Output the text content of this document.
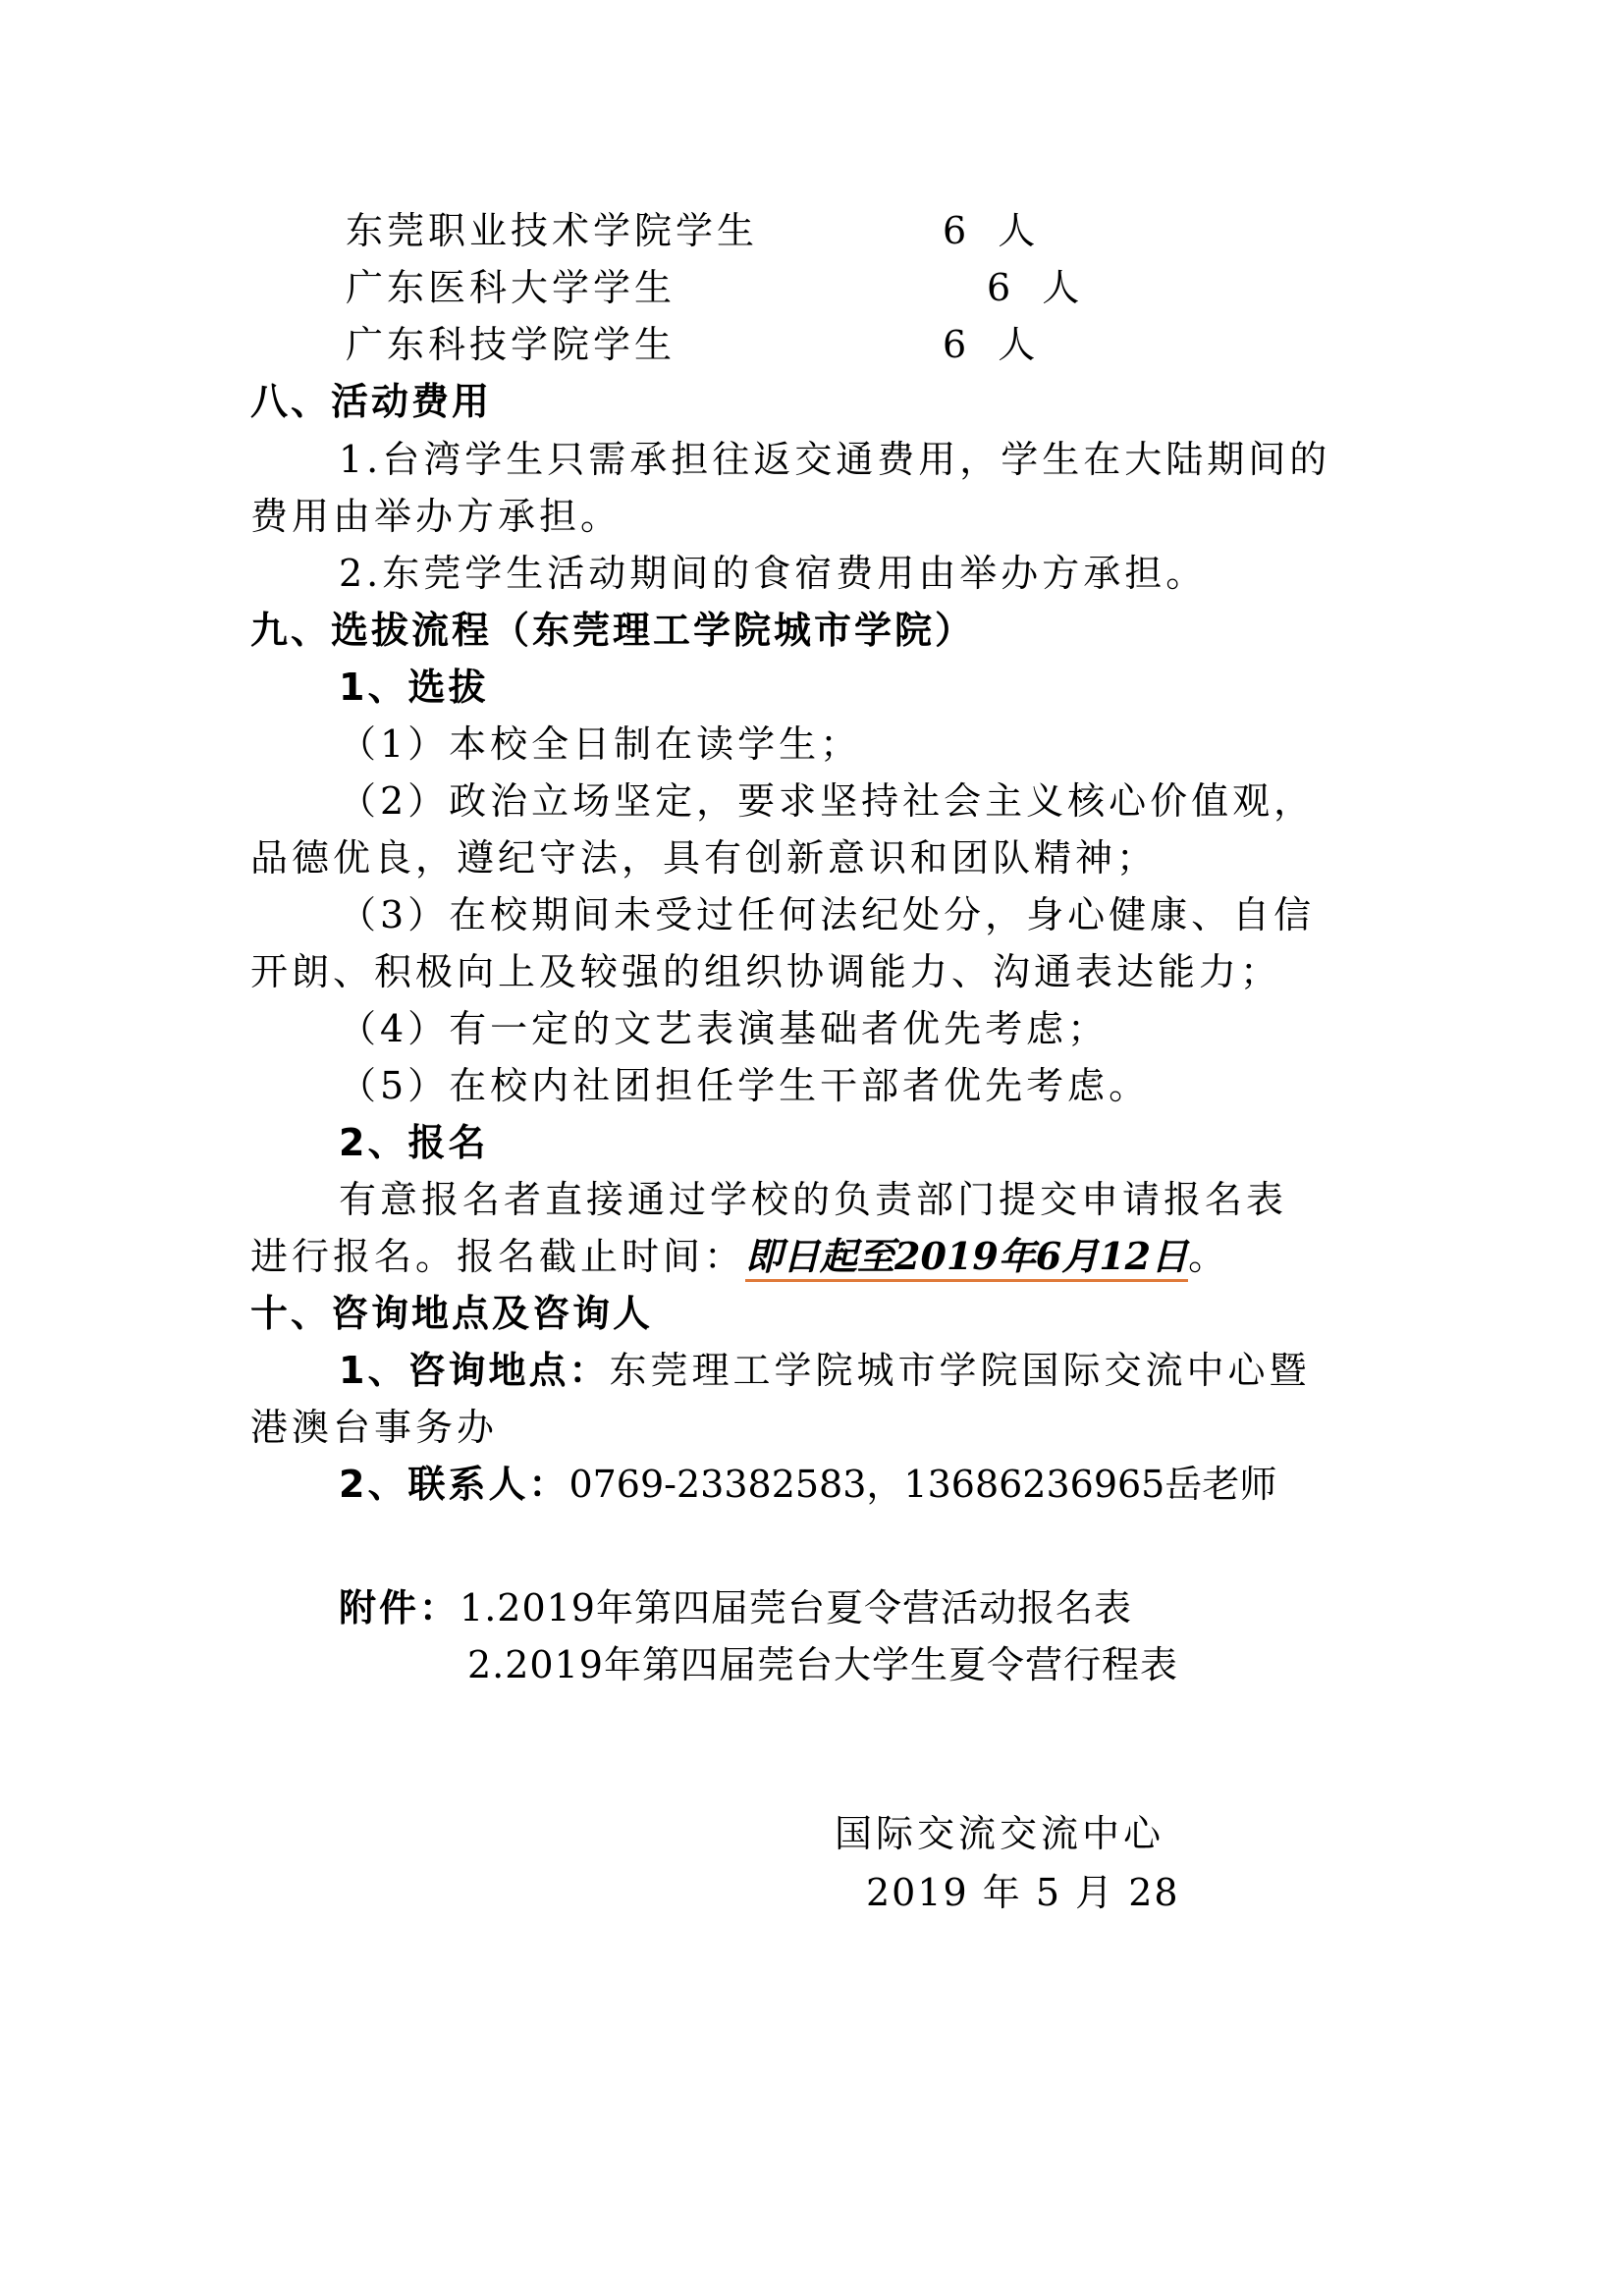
东莞职业技术学院学生	6 人
广东医科大学学生	6 人
广东科技学院学生	6 人
八、活动费用
1.台湾学生只需承担往返交通费用，学生在大陆期间的
费用由举办方承担。
2.东莞学生活动期间的食宿费用由举办方承担。
九、选拔流程（东莞理工学院城市学院）
1、选拔
（1）本校全日制在读学生；
（2）政治立场坚定，要求坚持社会主义核心价值观，
品德优良，遵纪守法，具有创新意识和团队精神；
（3）在校期间未受过任何法纪处分，身心健康、自信
开朗、积极向上及较强的组织协调能力、沟通表达能力；
（4）有一定的文艺表演基础者优先考虑；
（5）在校内社团担任学生干部者优先考虑。
2、报名
有意报名者直接通过学校的负责部门提交申请报名表
进行报名。报名截止时间：即日起至2019年6月12日。
十、咨询地点及咨询人
1、咨询地点：东莞理工学院城市学院国际交流中心暨
港澳台事务办
2、联系人：0769-23382583，13686236965岳老师
附件：1.2019年第四届莞台夏令营活动报名表
2.2019年第四届莞台大学生夏令营行程表
国际交流交流中心
2019 年 5 月 28
